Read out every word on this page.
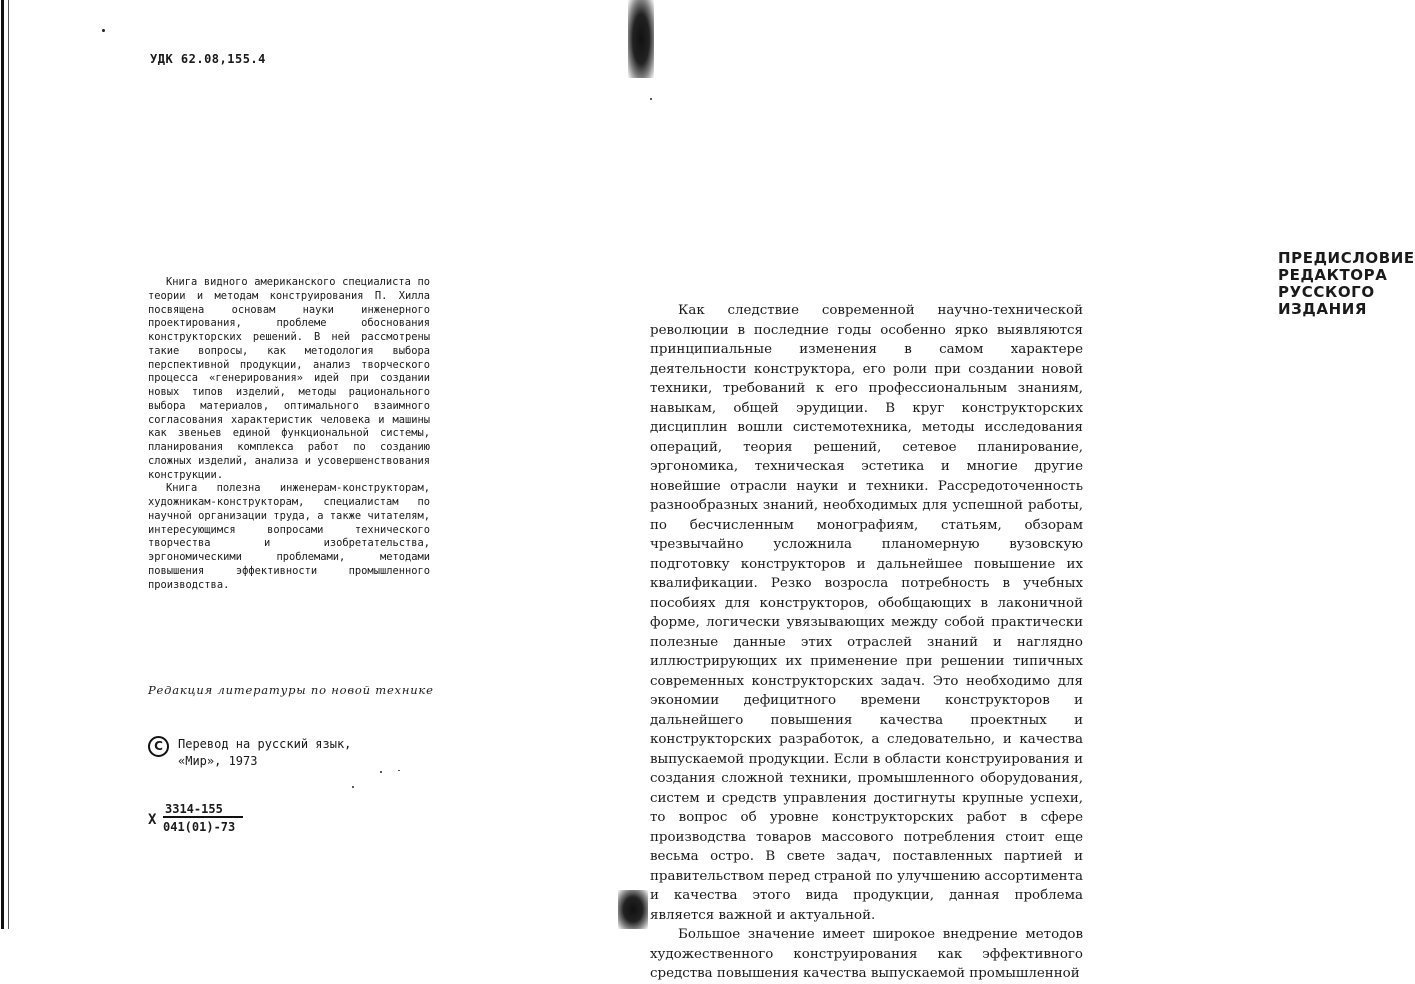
УДК 62.08,155.4

Книга видного американского специалиста по теории и методам конструирования П. Хилла посвящена основам науки инженерного проектирования, проблеме обоснования конструкторских решений. В ней рассмотрены такие вопросы, как методология выбора перспективной продукции, анализ творческого процесса «генерирования» идей при создании новых типов изделий, методы рационального выбора материалов, оптимального взаимного согласования характеристик человека и машины как звеньев единой функциональной системы, планирования комплекса работ по созданию сложных изделий, анализа и усовершенствования конструкции.

Книга полезна инженерам-конструкторам, художникам-конструкторам, специалистам по научной организации труда, а также читателям, интересующимся вопросами технического творчества и изобретательства, эргономическими проблемами, методами повышения эффективности промышленного производства.

Редакция литературы по новой технике
C	Перевод на русский язык,
«Мир», 1973
Х $\frac{3314-155}{041(01)-73}$
ПРЕДИСЛОВИЕ РЕДАКТОРА
РУССКОГО ИЗДАНИЯ

Как следствие современной научно-технической революции в последние годы особенно ярко выявляются принципиальные изменения в самом характере деятельности конструктора, его роли при создании новой техники, требований к его профессиональным знаниям, навыкам, общей эрудиции. В круг конструкторских дисциплин вошли системотехника, методы исследования операций, теория решений, сетевое планирование, эргономика, техническая эстетика и многие другие новейшие отрасли науки и техники. Рассредоточенность разнообразных знаний, необходимых для успешной работы, по бесчисленным монографиям, статьям, обзорам чрезвычайно усложнила планомерную вузовскую подготовку конструкторов и дальнейшее повышение их квалификации. Резко возросла потребность в учебных пособиях для конструкторов, обобщающих в лаконичной форме, логически увязывающих между собой практически полезные данные этих отраслей знаний и наглядно иллюстрирующих их применение при решении типичных современных конструкторских задач. Это необходимо для экономии дефицитного времени конструкторов и дальнейшего повышения качества проектных и конструкторских разработок, а следовательно, и качества выпускаемой продукции. Если в области конструирования и создания сложной техники, промышленного оборудования, систем и средств управления достигнуты крупные успехи, то вопрос об уровне конструкторских работ в сфере производства товаров массового потребления стоит еще весьма остро. В свете задач, поставленных партией и правительством перед страной по улучшению ассортимента и качества этого вида продукции, данная проблема является важной и актуальной.

Большое значение имеет широкое внедрение методов художественного конструирования как эффективного средства повышения качества выпускаемой промышленной
